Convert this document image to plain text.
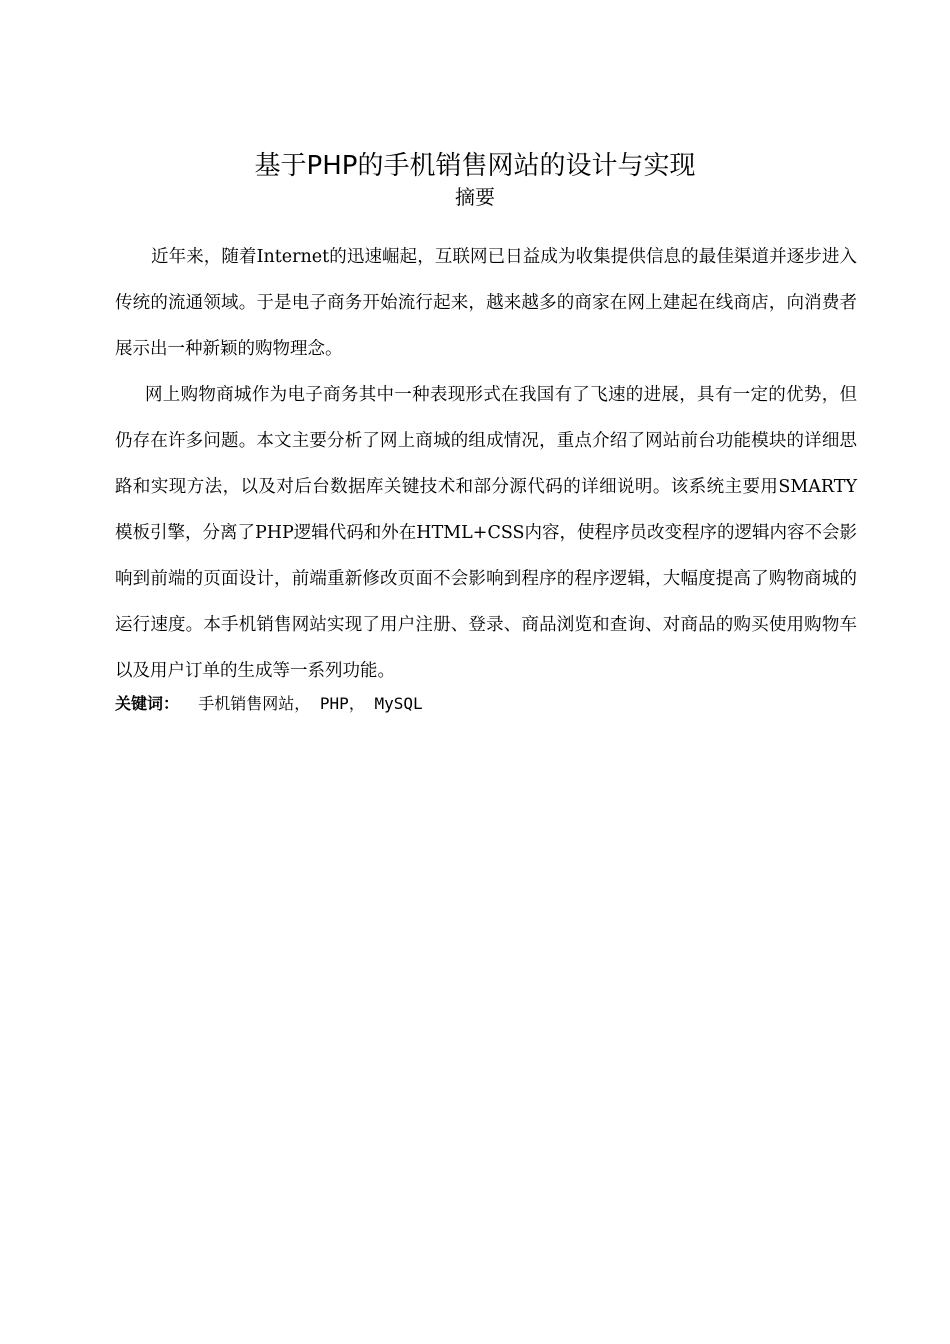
基于PHP的手机销售网站的设计与实现
摘要

近年来，随着Internet的迅速崛起，互联网已日益成为收集提供信息的最佳渠道并逐步进入传统的流通领域。于是电子商务开始流行起来，越来越多的商家在网上建起在线商店，向消费者展示出一种新颖的购物理念。

网上购物商城作为电子商务其中一种表现形式在我国有了飞速的进展，具有一定的优势，但仍存在许多问题。本文主要分析了网上商城的组成情况，重点介绍了网站前台功能模块的详细思路和实现方法，以及对后台数据库关键技术和部分源代码的详细说明。该系统主要用SMARTY模板引擎，分离了PHP逻辑代码和外在HTML+CSS内容，使程序员改变程序的逻辑内容不会影响到前端的页面设计，前端重新修改页面不会影响到程序的程序逻辑，大幅度提高了购物商城的运行速度。本手机销售网站实现了用户注册、登录、商品浏览和查询、对商品的购买使用购物车以及用户订单的生成等一系列功能。

关键词：  手机销售网站， PHP， MySQL
